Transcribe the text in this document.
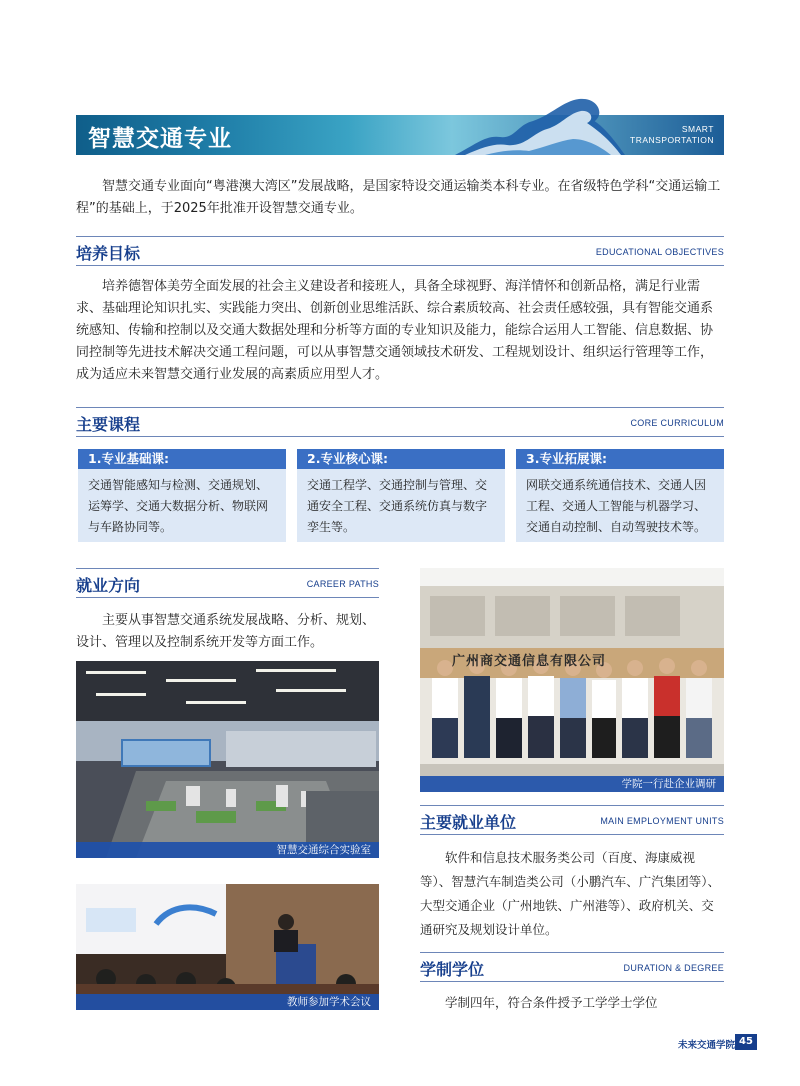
智慧交通专业	SMART
TRANSPORTATION
智慧交通专业面向“粤港澳大湾区”发展战略，是国家特设交通运输类本科专业。在省级特色学科“交通运输工程”的基础上，于2025年批准开设智慧交通专业。
培养目标	EDUCATIONAL OBJECTIVES
培养德智体美劳全面发展的社会主义建设者和接班人，具备全球视野、海洋情怀和创新品格，满足行业需求、基础理论知识扎实、实践能力突出、创新创业思维活跃、综合素质较高、社会责任感较强，具有智能交通系统感知、传输和控制以及交通大数据处理和分析等方面的专业知识及能力，能综合运用人工智能、信息数据、协同控制等先进技术解决交通工程问题，可以从事智慧交通领域技术研发、工程规划设计、组织运行管理等工作，成为适应未来智慧交通行业发展的高素质应用型人才。
主要课程	CORE CURRICULUM
1.专业基础课:
交通智能感知与检测、交通规划、运筹学、交通大数据分析、物联网与车路协同等。
2.专业核心课:
交通工程学、交通控制与管理、交通安全工程、交通系统仿真与数字孪生等。
3.专业拓展课:
网联交通系统通信技术、交通人因工程、交通人工智能与机器学习、交通自动控制、自动驾驶技术等。
就业方向	CAREER PATHS
主要从事智慧交通系统发展战略、分析、规划、设计、管理以及控制系统开发等方面工作。
智慧交通综合实验室
教师参加学术会议
广州商交通信息有限公司
学院一行赴企业调研
主要就业单位	MAIN EMPLOYMENT UNITS
软件和信息技术服务类公司（百度、海康威视等）、智慧汽车制造类公司（小鹏汽车、广汽集团等）、大型交通企业（广州地铁、广州港等）、政府机关、交通研究及规划设计单位。
学制学位	DURATION & DEGREE
学制四年，符合条件授予工学学士学位
未来交通学院 45
